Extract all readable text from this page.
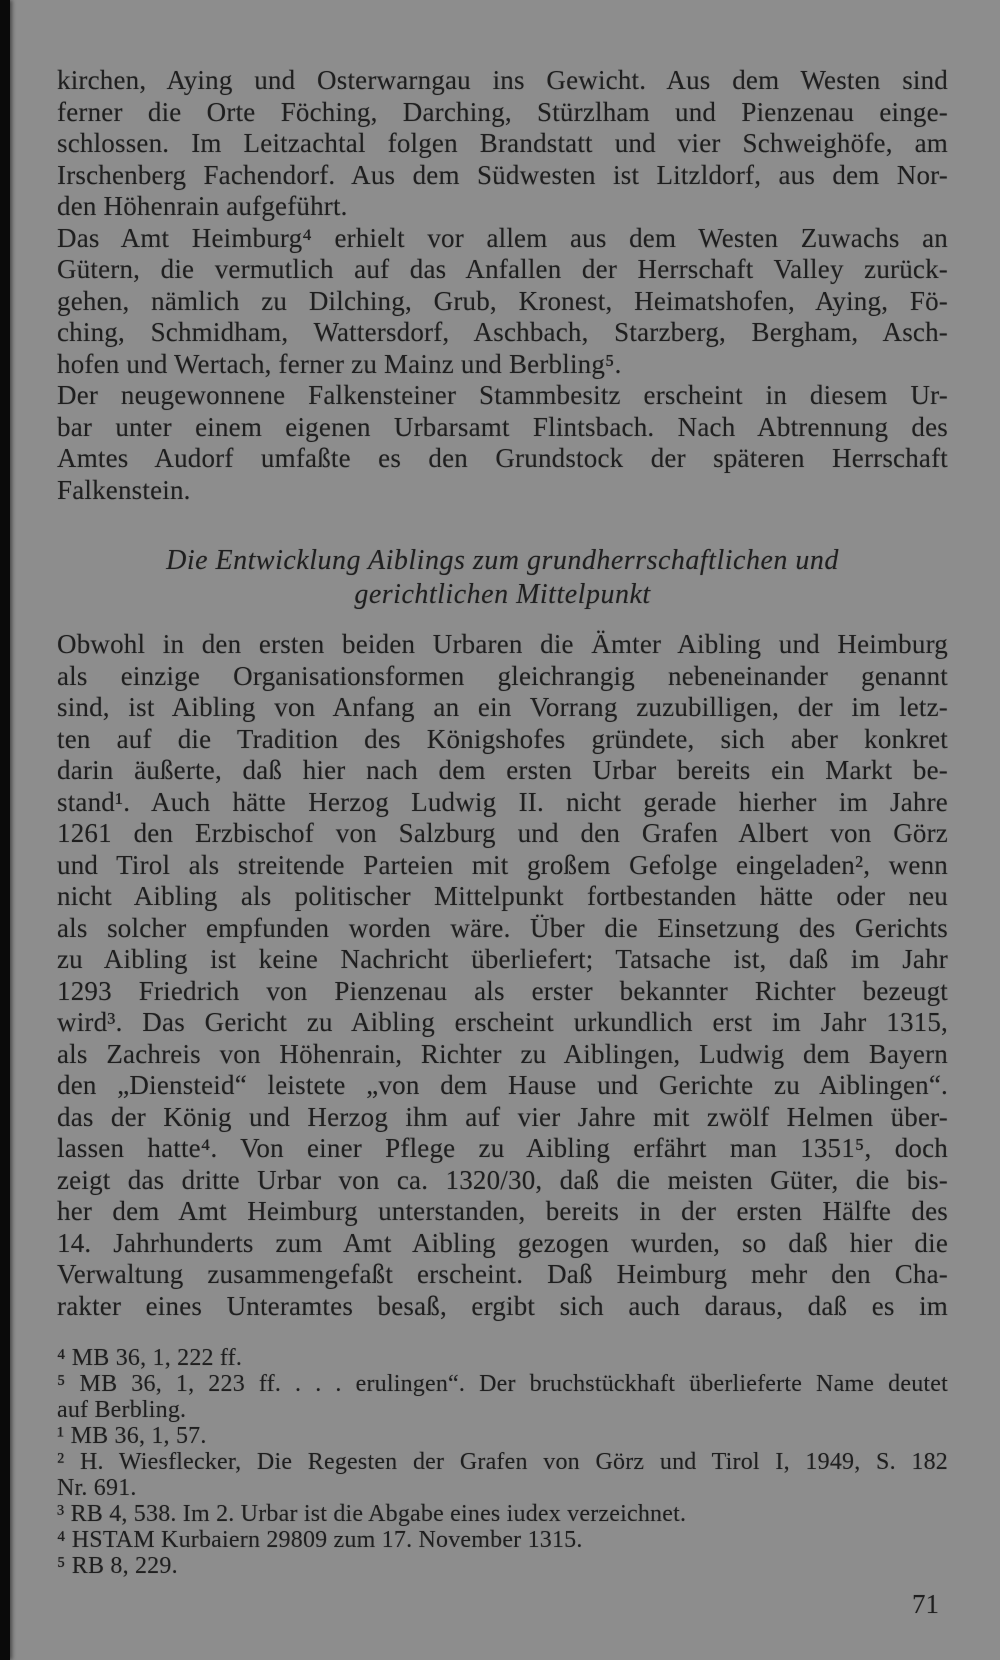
kirchen, Aying und Osterwarngau ins Gewicht. Aus dem Westen sind
ferner die Orte Föching, Darching, Stürzlham und Pienzenau einge-
schlossen. Im Leitzachtal folgen Brandstatt und vier Schweighöfe, am
Irschenberg Fachendorf. Aus dem Südwesten ist Litzldorf, aus dem Nor-
den Höhenrain aufgeführt.
Das Amt Heimburg⁴ erhielt vor allem aus dem Westen Zuwachs an
Gütern, die vermutlich auf das Anfallen der Herrschaft Valley zurück-
gehen, nämlich zu Dilching, Grub, Kronest, Heimatshofen, Aying, Fö-
ching, Schmidham, Wattersdorf, Aschbach, Starzberg, Bergham, Asch-
hofen und Wertach, ferner zu Mainz und Berbling⁵.
Der neugewonnene Falkensteiner Stammbesitz erscheint in diesem Ur-
bar unter einem eigenen Urbarsamt Flintsbach. Nach Abtrennung des
Amtes Audorf umfaßte es den Grundstock der späteren Herrschaft
Falkenstein.
Die Entwicklung Aiblings zum grundherrschaftlichen und
gerichtlichen Mittelpunkt
Obwohl in den ersten beiden Urbaren die Ämter Aibling und Heimburg
als einzige Organisationsformen gleichrangig nebeneinander genannt
sind, ist Aibling von Anfang an ein Vorrang zuzubilligen, der im letz-
ten auf die Tradition des Königshofes gründete, sich aber konkret
darin äußerte, daß hier nach dem ersten Urbar bereits ein Markt be-
stand¹. Auch hätte Herzog Ludwig II. nicht gerade hierher im Jahre
1261 den Erzbischof von Salzburg und den Grafen Albert von Görz
und Tirol als streitende Parteien mit großem Gefolge eingeladen², wenn
nicht Aibling als politischer Mittelpunkt fortbestanden hätte oder neu
als solcher empfunden worden wäre. Über die Einsetzung des Gerichts
zu Aibling ist keine Nachricht überliefert; Tatsache ist, daß im Jahr
1293 Friedrich von Pienzenau als erster bekannter Richter bezeugt
wird³. Das Gericht zu Aibling erscheint urkundlich erst im Jahr 1315,
als Zachreis von Höhenrain, Richter zu Aiblingen, Ludwig dem Bayern
den „Diensteid“ leistete „von dem Hause und Gerichte zu Aiblingen“.
das der König und Herzog ihm auf vier Jahre mit zwölf Helmen über-
lassen hatte⁴. Von einer Pflege zu Aibling erfährt man 1351⁵, doch
zeigt das dritte Urbar von ca. 1320/30, daß die meisten Güter, die bis-
her dem Amt Heimburg unterstanden, bereits in der ersten Hälfte des
14. Jahrhunderts zum Amt Aibling gezogen wurden, so daß hier die
Verwaltung zusammengefaßt erscheint. Daß Heimburg mehr den Cha-
rakter eines Unteramtes besaß, ergibt sich auch daraus, daß es im
⁴ MB 36, 1, 222 ff.
⁵ MB 36, 1, 223 ff. . . . erulingen“. Der bruchstückhaft überlieferte Name deutet
auf Berbling.
¹ MB 36, 1, 57.
² H. Wiesflecker, Die Regesten der Grafen von Görz und Tirol I, 1949, S. 182
Nr. 691.
³ RB 4, 538. Im 2. Urbar ist die Abgabe eines iudex verzeichnet.
⁴ HSTAM Kurbaiern 29809 zum 17. November 1315.
⁵ RB 8, 229.
71
